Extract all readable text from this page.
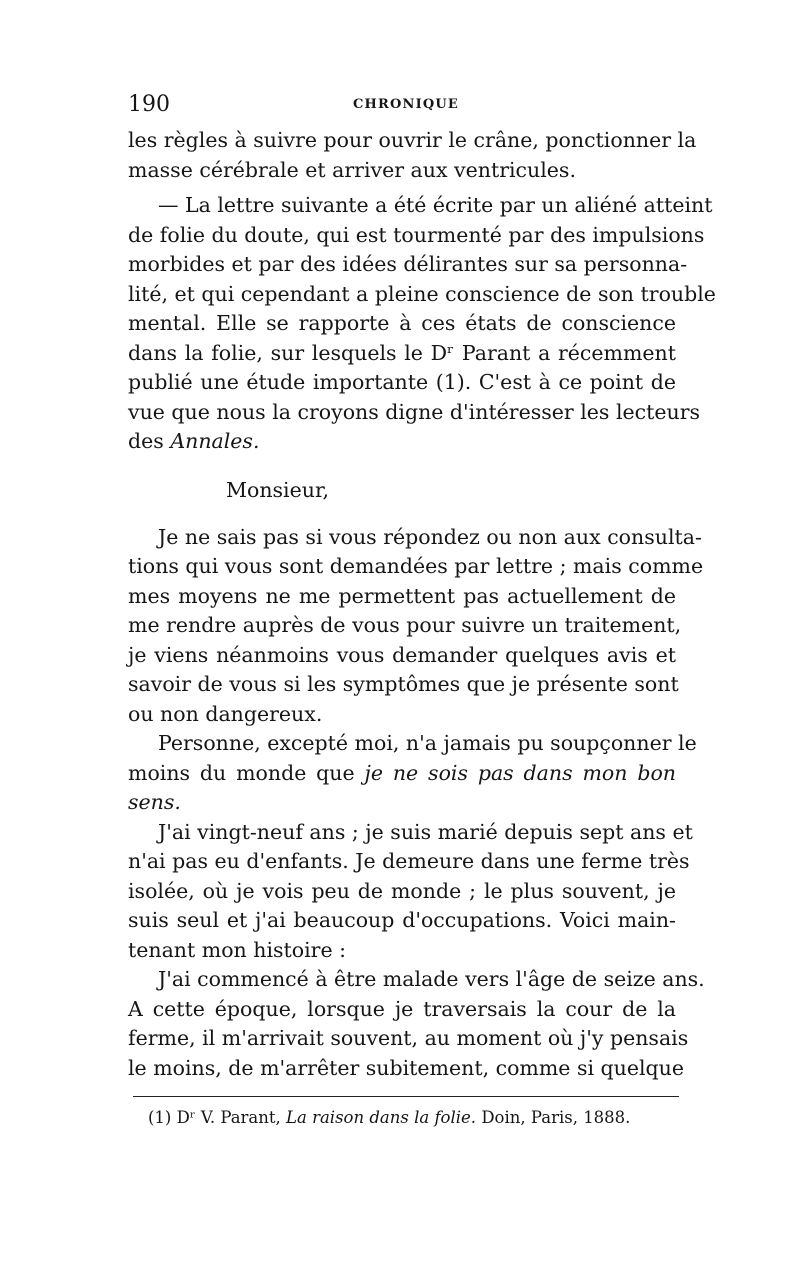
190	CHRONIQUE
les règles à suivre pour ouvrir le crâne, ponctionner la
masse cérébrale et arriver aux ventricules.
— La lettre suivante a été écrite par un aliéné atteint
de folie du doute, qui est tourmenté par des impulsions
morbides et par des idées délirantes sur sa personna-
lité, et qui cependant a pleine conscience de son trouble
mental. Elle se rapporte à ces états de conscience
dans la folie, sur lesquels le Dʳ Parant a récemment
publié une étude importante (1). C'est à ce point de
vue que nous la croyons digne d'intéresser les lecteurs
des Annales.
Monsieur,
Je ne sais pas si vous répondez ou non aux consulta-
tions qui vous sont demandées par lettre ; mais comme
mes moyens ne me permettent pas actuellement de
me rendre auprès de vous pour suivre un traitement,
je viens néanmoins vous demander quelques avis et
savoir de vous si les symptômes que je présente sont
ou non dangereux.
Personne, excepté moi, n'a jamais pu soupçonner le
moins du monde que je ne sois pas dans mon bon
sens.
J'ai vingt-neuf ans ; je suis marié depuis sept ans et
n'ai pas eu d'enfants. Je demeure dans une ferme très
isolée, où je vois peu de monde ; le plus souvent, je
suis seul et j'ai beaucoup d'occupations. Voici main-
tenant mon histoire :
J'ai commencé à être malade vers l'âge de seize ans.
A cette époque, lorsque je traversais la cour de la
ferme, il m'arrivait souvent, au moment où j'y pensais
le moins, de m'arrêter subitement, comme si quelque
(1) Dʳ V. Parant, La raison dans la folie. Doin, Paris, 1888.
